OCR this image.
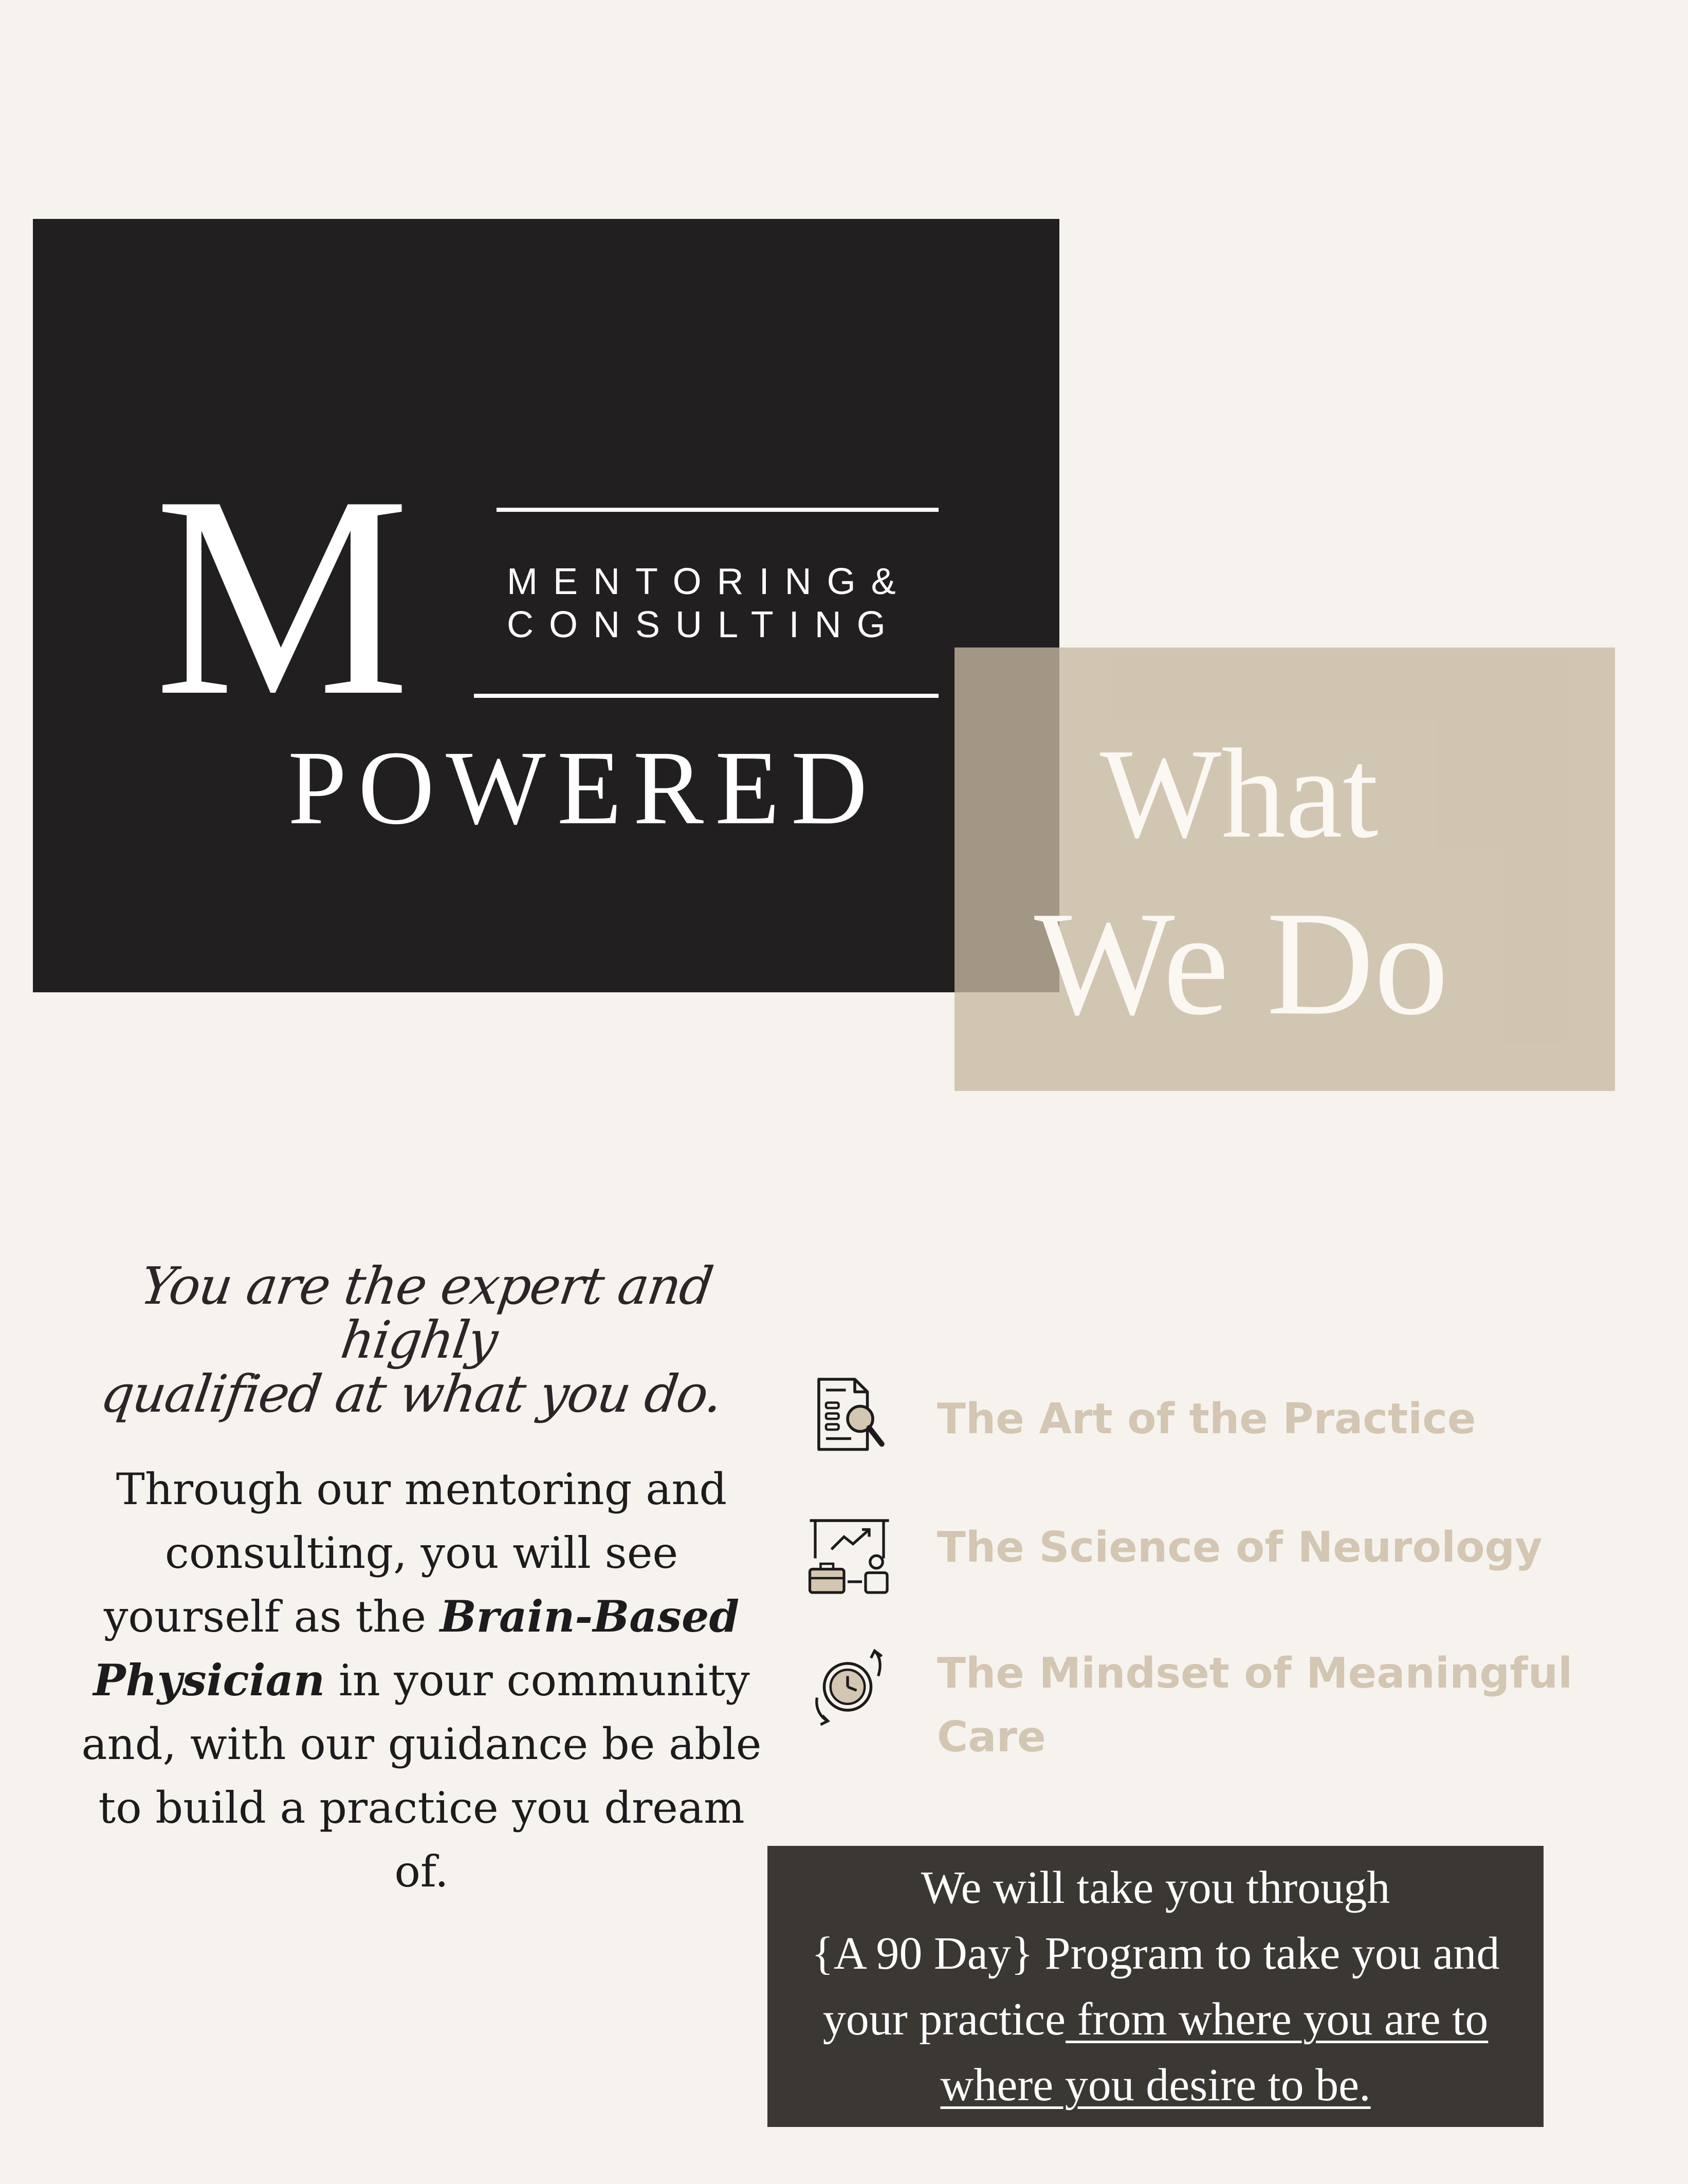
M	MENTORING&
CONSULTING
POWERED What
We Do
You are the expert and highly
qualified at what you do.
Through our mentoring and consulting, you will see yourself as the Brain-Based Physician in your community and, with our guidance be able to build a practice you dream of.
The Art of the Practice
The Science of Neurology
The Mindset of Meaningful Care
We will take you through
{A 90 Day} Program to take you and
your practice from where you are to
where you desire to be.
